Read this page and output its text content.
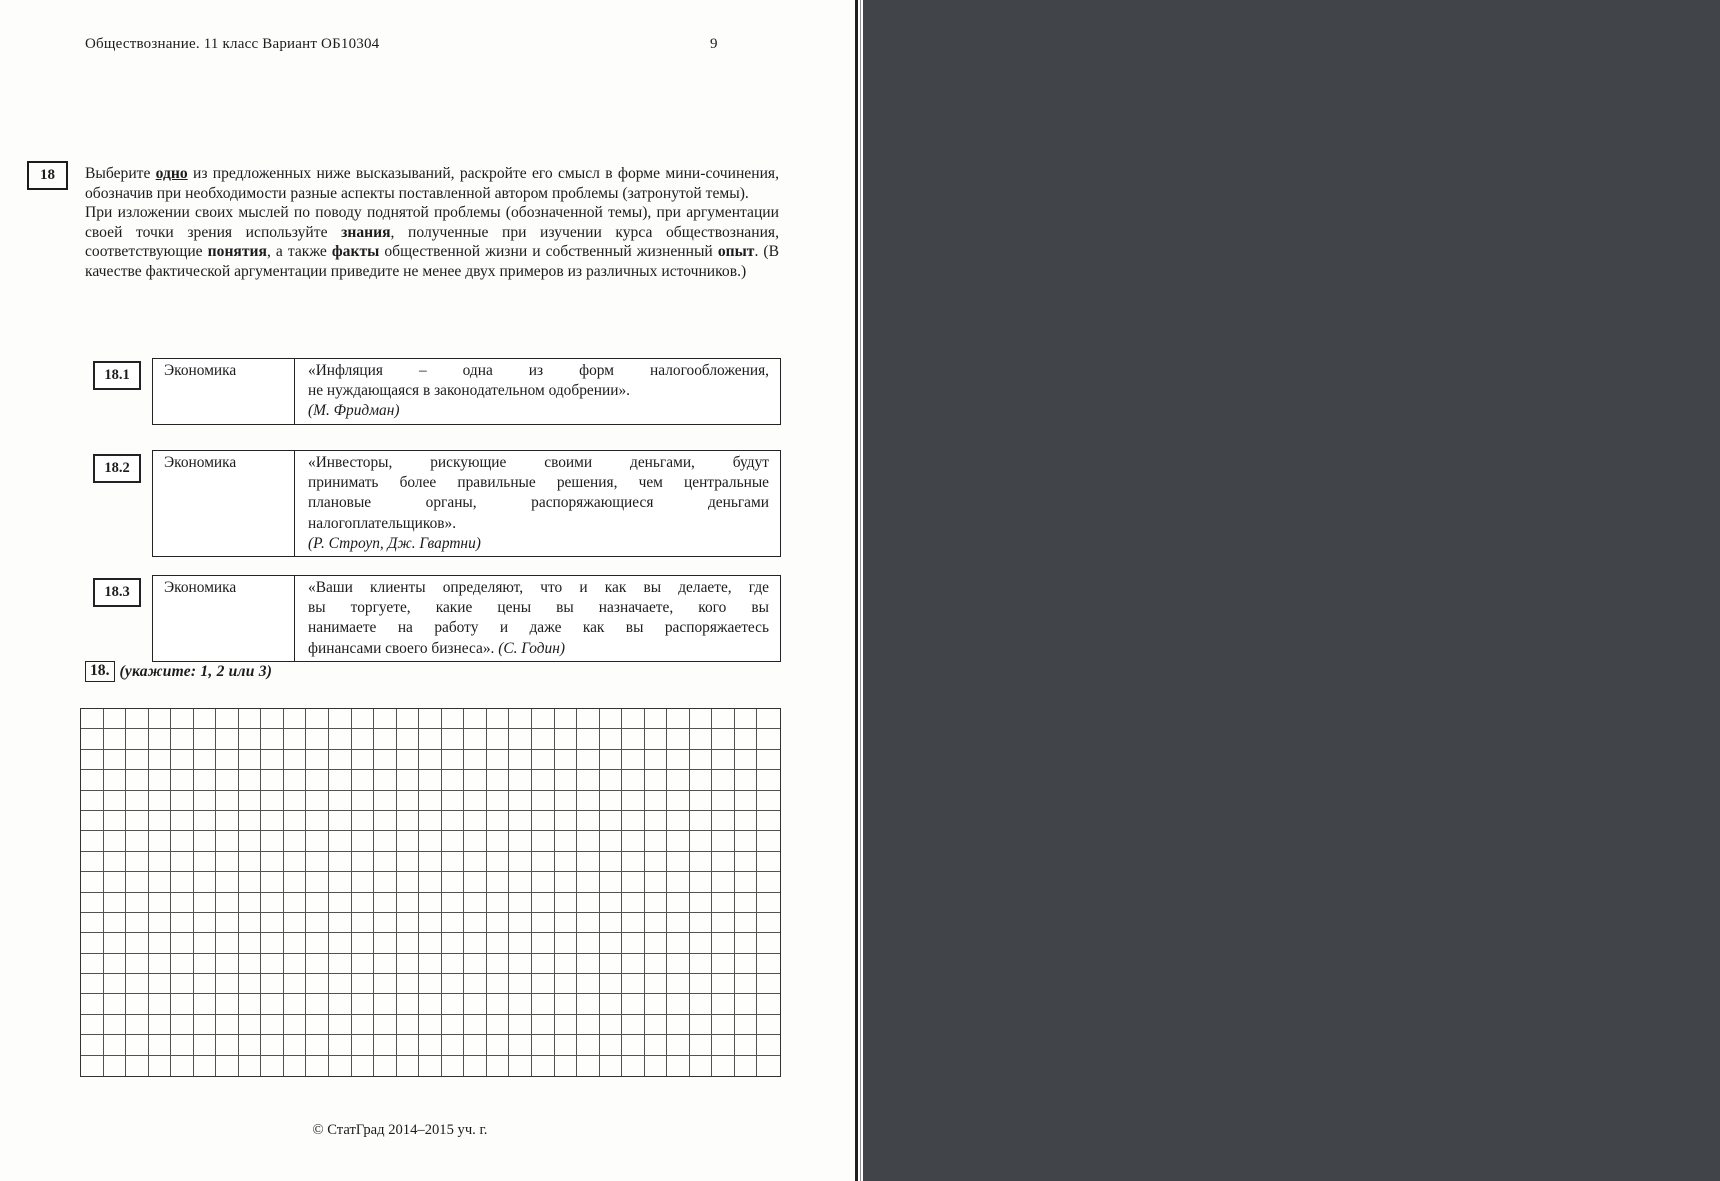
Обществознание. 11 класс Вариант ОБ10304	9
18 Выберите одно из предложенных ниже высказываний, раскройте его смысл в форме мини-сочинения, обозначив при необходимости разные аспекты поставленной автором проблемы (затронутой темы).

При изложении своих мыслей по поводу поднятой проблемы (обозначенной темы), при аргументации своей точки зрения используйте знания, полученные при изучении курса обществознания, соответствующие понятия, а также факты общественной жизни и собственный жизненный опыт. (В качестве фактической аргументации приведите не менее двух примеров из различных источников.)

18.1	Экономика	«Инфляция – одна из форм налогообложения,
не нуждающаяся в законодательном одобрении».
(М. Фридман)
18.2	Экономика	«Инвесторы, рискующие своими деньгами, будут
принимать более правильные решения, чем центральные
плановые органы, распоряжающиеся деньгами
налогоплательщиков».
(Р. Строуп, Дж. Гвартни)
18.3	Экономика	«Ваши клиенты определяют, что и как вы делаете, где
вы торгуете, какие цены вы назначаете, кого вы
нанимаете на работу и даже как вы распоряжаетесь
финансами своего бизнеса». (С. Годин)
18. (укажите: 1, 2 или 3)
© СтатГрад 2014–2015 уч. г.
